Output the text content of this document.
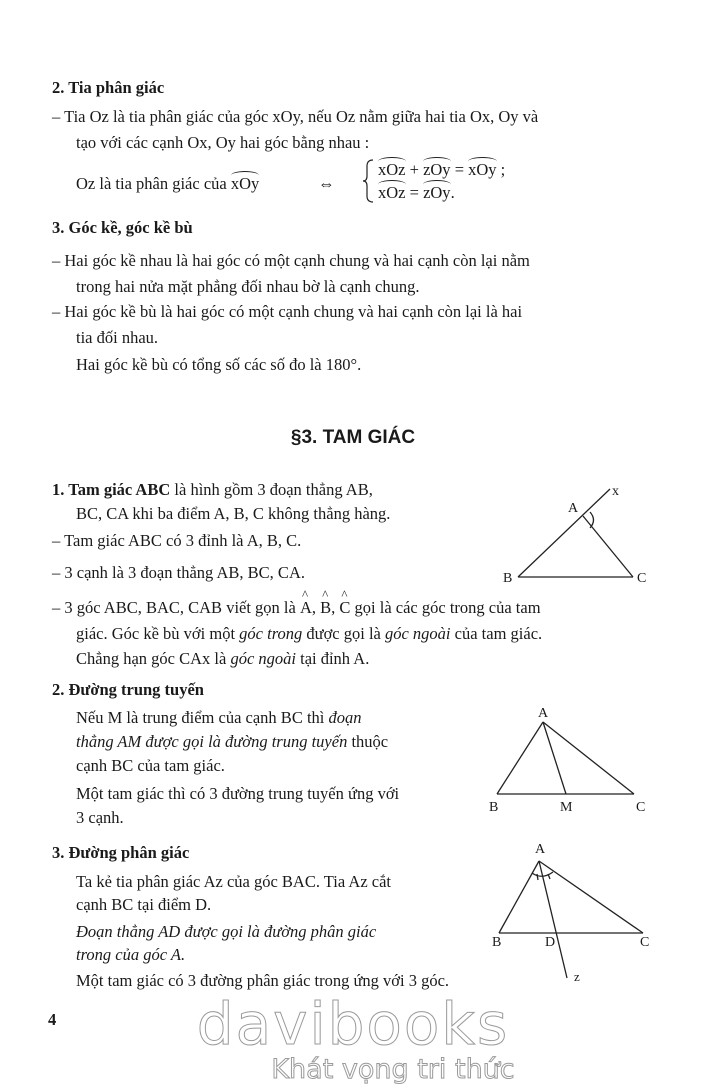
2. Tia phân giác
– Tia Oz là tia phân giác của góc xOy, nếu Oz nằm giữa hai tia Ox, Oy và
tạo với các cạnh Ox, Oy hai góc bằng nhau :
Oz là tia phân giác của xOy	⇔
xOz + zOy = xOy ;
xOz = zOy.
3. Góc kề, góc kề bù
– Hai góc kề nhau là hai góc có một cạnh chung và hai cạnh còn lại nằm
trong hai nửa mặt phẳng đối nhau bờ là cạnh chung.
– Hai góc kề bù là hai góc có một cạnh chung và hai cạnh còn lại là hai
tia đối nhau.
Hai góc kề bù có tổng số các số đo là 180°.
§3. TAM GIÁC
1. Tam giác ABC là hình gồm 3 đoạn thẳng AB,
BC, CA khi ba điểm A, B, C không thẳng hàng.
– Tam giác ABC có 3 đỉnh là A, B, C.
– 3 cạnh là 3 đoạn thẳng AB, BC, CA.
– 3 góc ABC, BAC, CAB viết gọn là ^ A, ^ B, ^ C gọi là các góc trong của tam
giác. Góc kề bù với một góc trong được gọi là góc ngoài của tam giác.
Chẳng hạn góc CAx là góc ngoài tại đỉnh A.
2. Đường trung tuyến
Nếu M là trung điểm của cạnh BC thì đoạn
thẳng AM được gọi là đường trung tuyến thuộc
cạnh BC của tam giác.
Một tam giác thì có 3 đường trung tuyến ứng với
3 cạnh.
3. Đường phân giác
Ta kẻ tia phân giác Az của góc BAC. Tia Az cắt
cạnh BC tại điểm D.
Đoạn thẳng AD được gọi là đường phân giác
trong của góc A.
Một tam giác có 3 đường phân giác trong ứng với 3 góc.
A
x
B	C
A
B	M	C
A
B	D	C
z
4 davibooks
Khát vọng tri thức
